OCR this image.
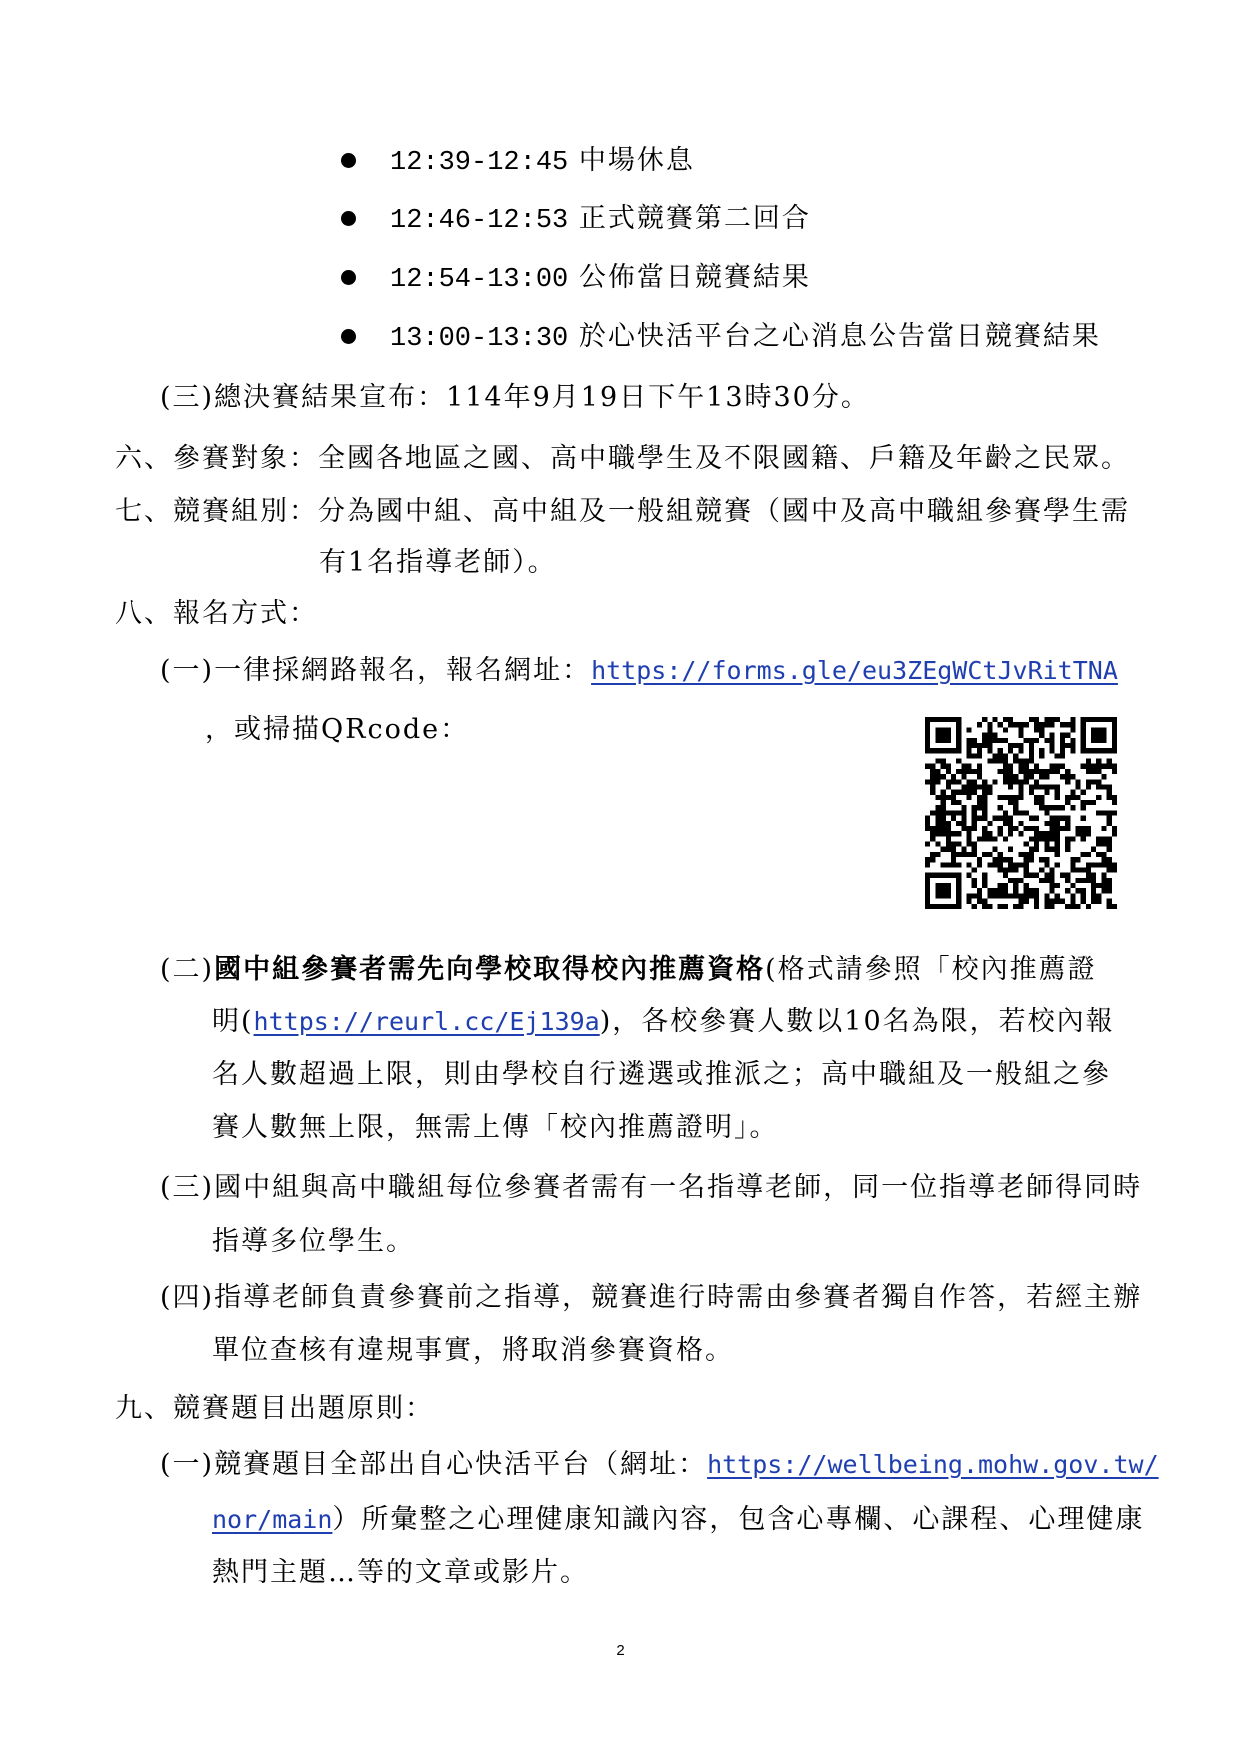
12:39-12:45 中場休息
12:46-12:53 正式競賽第二回合
12:54-13:00 公佈當日競賽結果
13:00-13:30 於心快活平台之心消息公告當日競賽結果
(三)總決賽結果宣布：114年9月19日下午13時30分。
六、參賽對象：全國各地區之國、高中職學生及不限國籍、戶籍及年齡之民眾。
七、競賽組別：分為國中組、高中組及一般組競賽（國中及高中職組參賽學生需
有1名指導老師）。
八、報名方式：
(一)一律採網路報名，報名網址：https://forms.gle/eu3ZEgWCtJvRitTNA
，或掃描QRcode：
(二)國中組參賽者需先向學校取得校內推薦資格(格式請參照「校內推薦證
明(https://reurl.cc/Ej139a)，各校參賽人數以10名為限，若校內報
名人數超過上限，則由學校自行遴選或推派之；高中職組及一般組之參
賽人數無上限，無需上傳「校內推薦證明」。
(三)國中組與高中職組每位參賽者需有一名指導老師，同一位指導老師得同時
指導多位學生。
(四)指導老師負責參賽前之指導，競賽進行時需由參賽者獨自作答，若經主辦
單位查核有違規事實，將取消參賽資格。
九、競賽題目出題原則：
(一)競賽題目全部出自心快活平台（網址：https://wellbeing.mohw.gov.tw/
nor/main）所彙整之心理健康知識內容，包含心專欄、心課程、心理健康
熱門主題…等的文章或影片。
2
